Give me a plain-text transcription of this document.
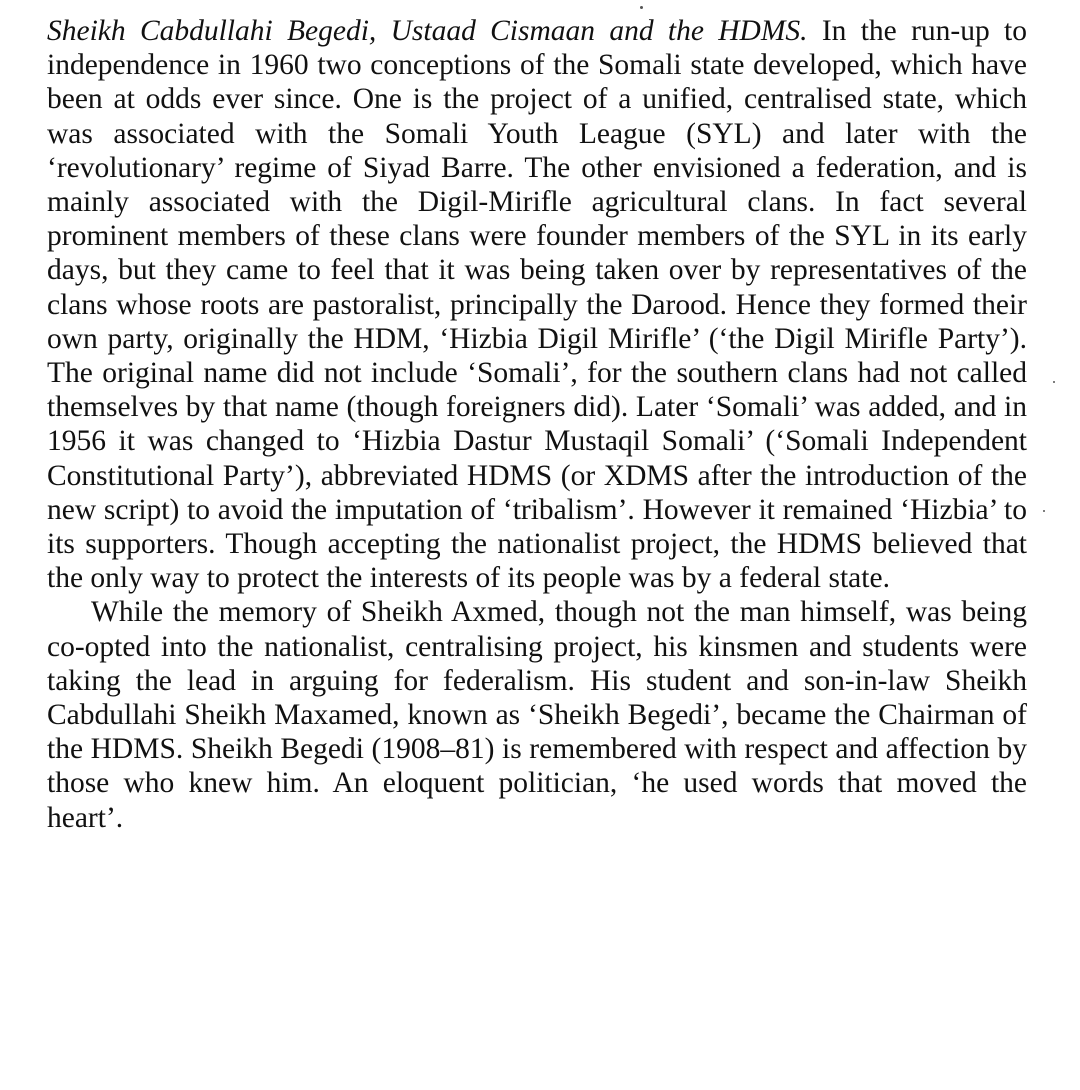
Sheikh Cabdullahi Begedi, Ustaad Cismaan and the HDMS. In the run-up to independence in 1960 two conceptions of the Somali state developed, which have been at odds ever since. One is the project of a unified, centralised state, which was associated with the Somali Youth League (SYL) and later with the ‘revolutionary’ regime of Siyad Barre. The other envisioned a federation, and is mainly associated with the Digil-Mirifle agricultural clans. In fact several prominent members of these clans were founder members of the SYL in its early days, but they came to feel that it was being taken over by representatives of the clans whose roots are pastoralist, principally the Darood. Hence they formed their own party, originally the HDM, ‘Hizbia Digil Mirifle’ (‘the Digil Mirifle Party’). The original name did not include ‘Somali’, for the southern clans had not called themselves by that name (though foreigners did). Later ‘Somali’ was added, and in 1956 it was changed to ‘Hizbia Dastur Mustaqil Somali’ (‘Somali Independent Constitutional Party’), abbreviated HDMS (or XDMS after the introduction of the new script) to avoid the imputation of ‘tribalism’. However it remained ‘Hizbia’ to its supporters. Though accepting the nationalist project, the HDMS believed that the only way to protect the interests of its people was by a federal state.

While the memory of Sheikh Axmed, though not the man himself, was being co-opted into the nationalist, centralising project, his kinsmen and students were taking the lead in arguing for federalism. His student and son-in-law Sheikh Cabdullahi Sheikh Maxamed, known as ‘Sheikh Begedi’, became the Chairman of the HDMS. Sheikh Begedi (1908–81) is remembered with respect and affection by those who knew him. An eloquent politician, ‘he used words that moved the heart’.
